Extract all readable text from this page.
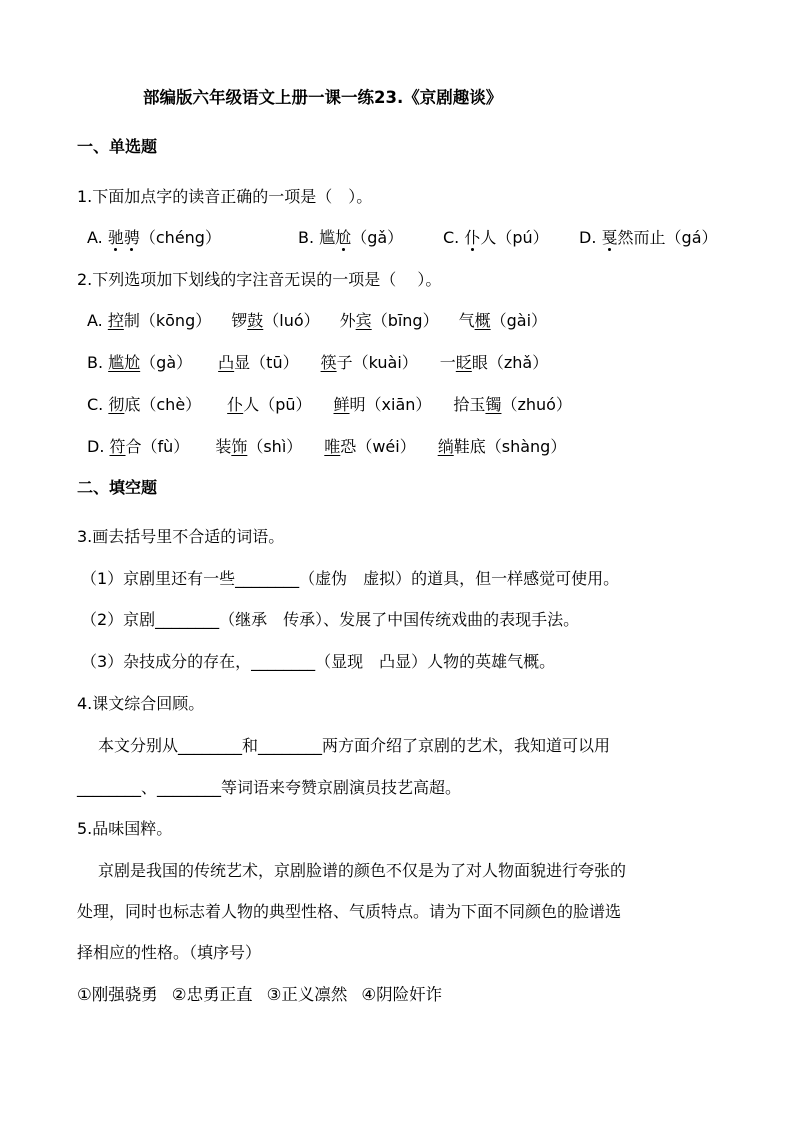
部编版六年级语文上册一课一练23.《京剧趣谈》
一、单选题
1.下面加点字的读音正确的一项是（　）。
A. 驰骋（chéng）	B. 尴尬（gǎ） C. 仆人（pú） D. 戛然而止（gá）
2.下列选项加下划线的字注音无误的一项是（　 ）。
A. 控制（kōng） 锣鼓（luó） 外宾（bīng） 气概（gài）
B. 尴尬（gà） 凸显（tū） 筷子（kuài） 一眨眼（zhǎ）
C. 彻底（chè） 仆人（pū） 鲜明（xiān） 拾玉镯（zhuó）
D. 符合（fù） 装饰（shì） 唯恐（wéi） 绱鞋底（shàng）
二、填空题
3.画去括号里不合适的词语。
（1）京剧里还有一些________（虚伪　虚拟）的道具，但一样感觉可使用。
（2）京剧________（继承　传承）、发展了中国传统戏曲的表现手法。
（3）杂技成分的存在，________（显现　凸显）人物的英雄气概。
4.课文综合回顾。
本文分别从________和________两方面介绍了京剧的艺术，我知道可以用
________、________等词语来夸赞京剧演员技艺高超。
5.品味国粹。
京剧是我国的传统艺术，京剧脸谱的颜色不仅是为了对人物面貌进行夸张的
处理，同时也标志着人物的典型性格、气质特点。请为下面不同颜色的脸谱选
择相应的性格。（填序号）
①刚强骁勇 ②忠勇正直 ③正义凛然 ④阴险奸诈
